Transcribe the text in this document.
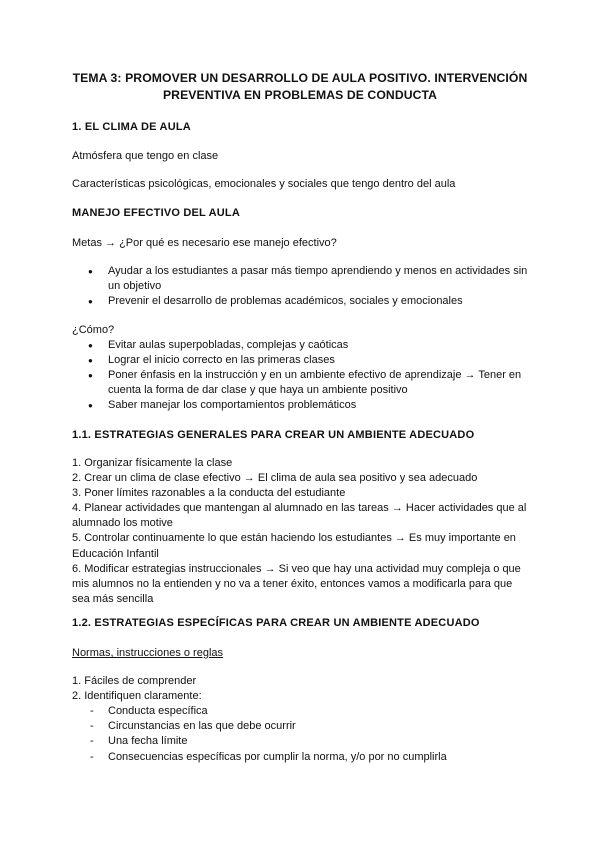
TEMA 3: PROMOVER UN DESARROLLO DE AULA POSITIVO. INTERVENCIÓN
PREVENTIVA EN PROBLEMAS DE CONDUCTA
1. EL CLIMA DE AULA
Atmósfera que tengo en clase
Características psicológicas, emocionales y sociales que tengo dentro del aula
MANEJO EFECTIVO DEL AULA
Metas → ¿Por qué es necesario ese manejo efectivo?
● Ayudar a los estudiantes a pasar más tiempo aprendiendo y menos en actividades sin un objetivo
● Prevenir el desarrollo de problemas académicos, sociales y emocionales
¿Cómo?
● Evitar aulas superpobladas, complejas y caóticas
● Lograr el inicio correcto en las primeras clases
● Poner énfasis en la instrucción y en un ambiente efectivo de aprendizaje → Tener en cuenta la forma de dar clase y que haya un ambiente positivo
● Saber manejar los comportamientos problemáticos
1.1. ESTRATEGIAS GENERALES PARA CREAR UN AMBIENTE ADECUADO
1. Organizar físicamente la clase
2. Crear un clima de clase efectivo → El clima de aula sea positivo y sea adecuado
3. Poner límites razonables a la conducta del estudiante
4. Planear actividades que mantengan al alumnado en las tareas → Hacer actividades que al alumnado los motive
5. Controlar continuamente lo que están haciendo los estudiantes → Es muy importante en Educación Infantil
6. Modificar estrategias instruccionales → Si veo que hay una actividad muy compleja o que mis alumnos no la entienden y no va a tener éxito, entonces vamos a modificarla para que sea más sencilla
1.2. ESTRATEGIAS ESPECÍFICAS PARA CREAR UN AMBIENTE ADECUADO
Normas, instrucciones o reglas
1. Fáciles de comprender
2. Identifiquen claramente:
- Conducta específica
- Circunstancias en las que debe ocurrir
- Una fecha límite
- Consecuencias específicas por cumplir la norma, y/o por no cumplirla
